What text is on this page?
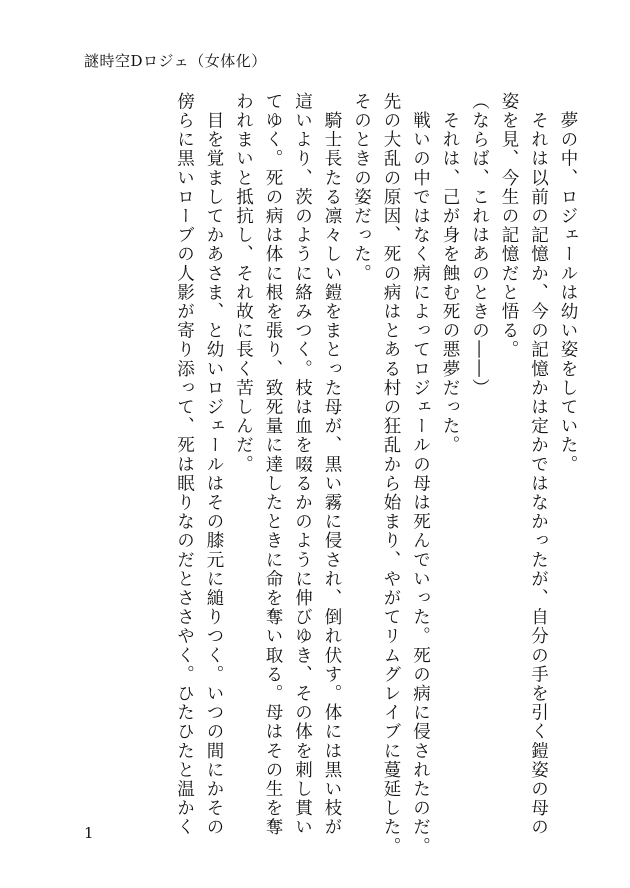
謎時空Dロジェ（女体化）
　夢の中、ロジェールは幼い姿をしていた。
　それは以前の記憶か、今の記憶かは定かではなかったが、自分の手を引く鎧姿の母の
姿を見、今生の記憶だと悟る。
（ならば、これはあのときの――）
　それは、己が身を蝕む死の悪夢だった。
　戦いの中ではなく病によってロジェールの母は死んでいった。死の病に侵されたのだ。
先の大乱の原因、死の病はとある村の狂乱から始まり、やがてリムグレイブに蔓延した。
そのときの姿だった。
　騎士長たる凛々しい鎧をまとった母が、黒い霧に侵され、倒れ伏す。体には黒い枝が
這いより、茨のように絡みつく。枝は血を啜るかのように伸びゆき、その体を刺し貫い
てゆく。死の病は体に根を張り、致死量に達したときに命を奪い取る。母はその生を奪
われまいと抵抗し、それ故に長く苦しんだ。
　目を覚ましてかあさま、と幼いロジェールはその膝元に縋りつく。いつの間にかその
傍らに黒いローブの人影が寄り添って、死は眠りなのだとささやく。ひたひたと温かく
1
